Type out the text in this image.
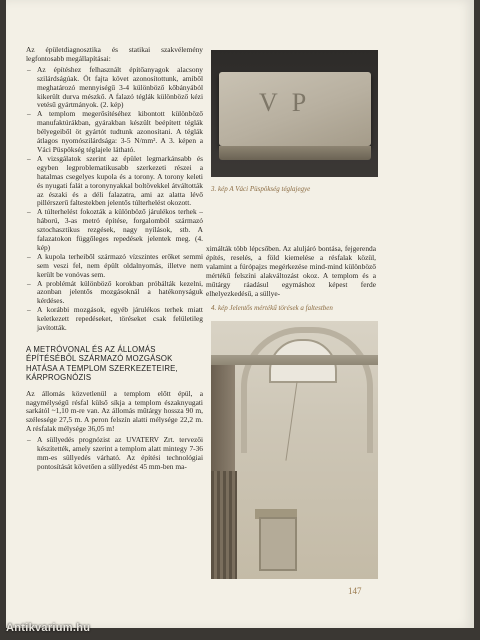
Az épületdiagnosztika és statikai szakvélemény legfontosabb megállapításai:

– Az építéshez felhasznált építőanyagok alacsony szilárdságúak. Öt fajta követ azonosítottunk, amiből meghatározó mennyiségű 3-4 különböző kőbányából kikerült durva mészkő. A falazó téglák különböző kézi vetésű gyártmányok. (2. kép)
– A templom megerősítéséhez kibontott különböző manufaktúrákban, gyárakban készült beépített téglák bélyegeiből öt gyártót tudtunk azonosítani. A téglák átlagos nyomószilárdsága: 3-5 N/mm². A 3. képen a Váci Püspökség téglajele látható.
– A vizsgálatok szerint az épület legmarkánsabb és egyben legproblematikusabb szerkezeti részei a hatalmas csegelyes kupola és a torony. A torony keleti és nyugati falát a toronynyakkal boltövekkel átváltották az északi és a déli falazatra, ami az alatta lévő pillérszerű faltestekben jelentős túlterhelést okozott.
– A túlterhelést fokozták a különböző járulékos terhek – háború, 3-as metró építése, forgalomból származó sztochasztikus rezgések, nagy nyílások, stb. A falazatokon függőleges repedések jelentek meg. (4. kép)
– A kupola terheiből származó vízszintes erőket semmi sem veszi fel, nem épült oldalnyomás, illetve nem került be vonóvas sem.
– A problémát különböző korokban próbálták kezelni, azonban jelentős mozgásoknál a hatékonyságuk kérdéses.
– A korábbi mozgások, egyéb járulékos terhek miatt keletkezett repedéseket, töréseket csak felületileg javították.
A METRÓVONAL ÉS AZ ÁLLOMÁS ÉPÍTÉSÉBŐL SZÁRMAZÓ MOZGÁSOK HATÁSA A TEMPLOM SZERKEZETEIRE, KÁRPROGNÓZIS

Az állomás közvetlenül a templom előtt épül, a nagymélységű résfal külső síkja a templom északnyugati sarkától ~1,10 m-re van. Az állomás műtárgy hossza 90 m, szélessége 27,5 m. A peron felszín alatti mélysége 22,2 m. A résfalak mélysége 36,05 m!

– A süllyedés prognózist az UVATERV Zrt. tervezői készítették, amely szerint a templom alatt mintegy 7-36 mm-es süllyedés várható. Az építési technológiai pontosítását követően a süllyedést 45 mm-ben ma-
V P
3. kép A Váci Püspökség téglajegye

ximálták több lépcsőben. Az aluljáró bontása, fejgerenda építés, reselés, a föld kiemelése a résfalak közül, valamint a fúrópajzs megérkezése mind-mind különböző mértékű felszíni alakváltozást okoz. A templom és a műtárgy ráadásul egymáshoz képest ferde elhelyezkedésű, a süllye-

4. kép Jelentős mértékű törések a faltestben
147
Antikvarium.hu
